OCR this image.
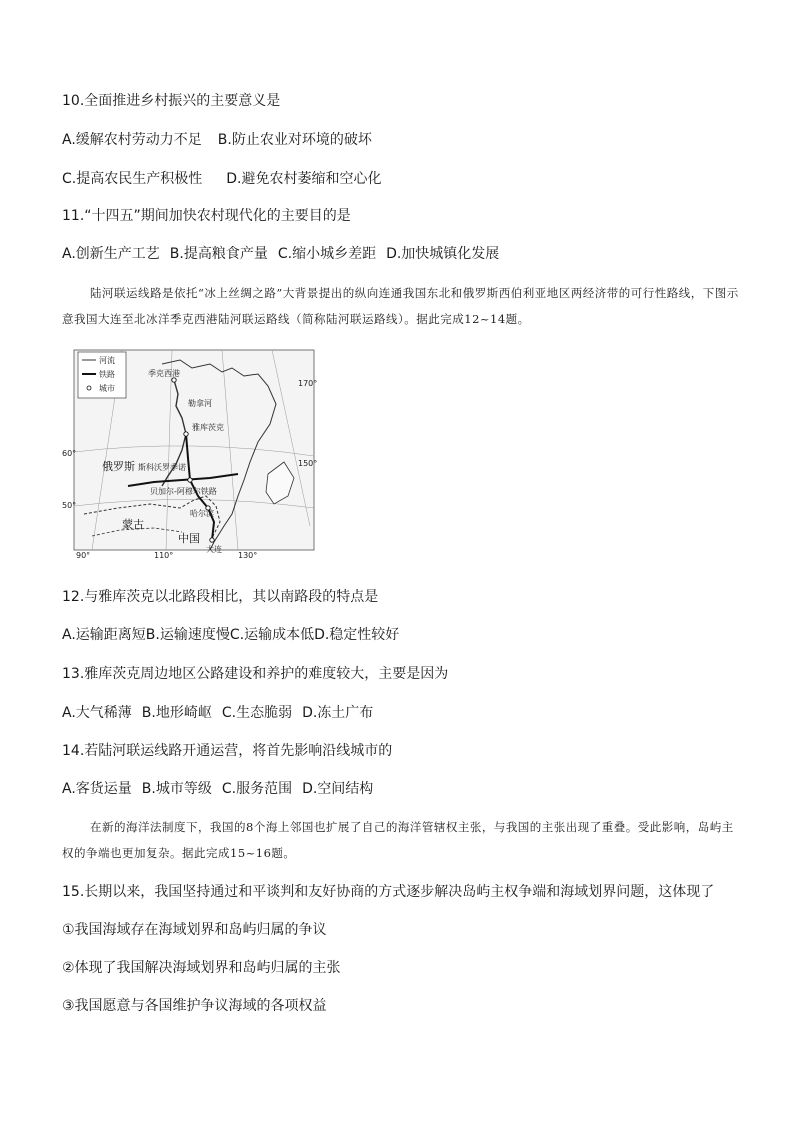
10.全面推进乡村振兴的主要意义是
A.缓解农村劳动力不足 B.防止农业对环境的破坏
C.提高农民生产积极性 D.避免农村萎缩和空心化
11.“十四五”期间加快农村现代化的主要目的是
A.创新生产工艺 B.提高粮食产量 C.缩小城乡差距 D.加快城镇化发展

陆河联运线路是依托“冰上丝绸之路”大背景提出的纵向连通我国东北和俄罗斯西伯利亚地区两经济带的可行性路线，下图示意我国大连至北冰洋季克西港陆河联运路线（简称陆河联运路线）。据此完成12~14题。

河流
铁路
城市
季克西港
勒拿河
雅库茨克
斯科沃罗季诺
贝加尔-阿穆尔铁路
哈尔滨
大连
俄罗斯
蒙古
中国
60°
50°
90°	110°	130°
150°
170°
12.与雅库茨克以北路段相比，其以南路段的特点是
A.运输距离短B.运输速度慢C.运输成本低D.稳定性较好
13.雅库茨克周边地区公路建设和养护的难度较大，主要是因为
A.大气稀薄 B.地形崎岖 C.生态脆弱 D.冻土广布
14.若陆河联运线路开通运营，将首先影响沿线城市的
A.客货运量 B.城市等级 C.服务范围 D.空间结构

在新的海洋法制度下，我国的8个海上邻国也扩展了自己的海洋管辖权主张，与我国的主张出现了重叠。受此影响，岛屿主权的争端也更加复杂。据此完成15~16题。

15.长期以来，我国坚持通过和平谈判和友好协商的方式逐步解决岛屿主权争端和海域划界问题，这体现了
①我国海域存在海域划界和岛屿归属的争议
②体现了我国解决海域划界和岛屿归属的主张
③我国愿意与各国维护争议海域的各项权益
